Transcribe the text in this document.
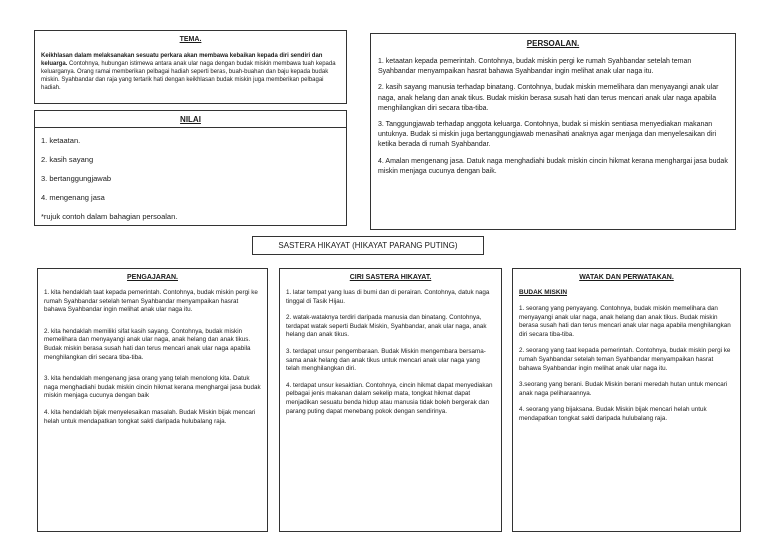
TEMA.

Keikhlasan dalam melaksanakan sesuatu perkara akan membawa kebaikan kepada diri sendiri dan keluarga. Contohnya, hubungan istimewa antara anak ular naga dengan budak miskin membawa tuah kepada keluarganya. Orang ramai memberikan pelbagai hadiah seperti beras, buah-buahan dan baju kepada budak miskin. Syahbandar dan raja yang tertarik hati dengan keikhlasan budak miskin juga memberikan pelbagai hadiah.

NILAI
1. ketaatan.
2. kasih sayang
3. bertanggungjawab
4. mengenang jasa
*rujuk contoh dalam bahagian persoalan.
PERSOALAN.

1. ketaatan kepada pemerintah. Contohnya, budak miskin pergi ke rumah Syahbandar setelah teman Syahbandar menyampaikan hasrat bahawa Syahbandar ingin melihat anak ular naga itu.

2. kasih sayang manusia terhadap binatang. Contohnya, budak miskin memelihara dan menyayangi anak ular naga, anak helang dan anak tikus. Budak miskin berasa susah hati dan terus mencari anak ular naga apabila menghilangkan diri secara tiba-tiba.

3. Tanggungjawab terhadap anggota keluarga. Contohnya, budak si miskin sentiasa menyediakan makanan untuknya. Budak si miskin juga bertanggungjawab menasihati anaknya agar menjaga dan menyelesaikan diri ketika berada di rumah Syahbandar.

4. Amalan mengenang jasa. Datuk naga menghadiahi budak miskin cincin hikmat kerana menghargai jasa budak miskin menjaga cucunya dengan baik.

SASTERA HIKAYAT (HIKAYAT PARANG PUTING)
PENGAJARAN.

1. kita hendaklah taat kepada pemerintah. Contohnya, budak miskin pergi ke rumah Syahbandar setelah teman Syahbandar menyampaikan hasrat bahawa Syahbandar ingin melihat anak ular naga itu.

2. kita hendaklah memiliki sifat kasih sayang. Contohnya, budak miskin memelihara dan menyayangi anak ular naga, anak helang dan anak tikus. Budak miskin berasa susah hati dan terus mencari anak ular naga apabila menghilangkan diri secara tiba-tiba.

3. kita hendaklah mengenang jasa orang yang telah menolong kita. Datuk naga menghadiahi budak miskin cincin hikmat kerana menghargai jasa budak miskin menjaga cucunya dengan baik

4. kita hendaklah bijak menyelesaikan masalah. Budak Miskin bijak mencari helah untuk mendapatkan tongkat sakti daripada hulubalang raja.

CIRI SASTERA HIKAYAT.

1. latar tempat yang luas di bumi dan di perairan. Contohnya, datuk naga tinggal di Tasik Hijau.

2. watak-wataknya terdiri daripada manusia dan binatang. Contohnya, terdapat watak seperti Budak Miskin, Syahbandar, anak ular naga, anak helang dan anak tikus.

3. terdapat unsur pengembaraan. Budak Miskin mengembara bersama-sama anak helang dan anak tikus untuk mencari anak ular naga yang telah menghilangkan diri.

4. terdapat unsur kesaktian. Contohnya, cincin hikmat dapat menyediakan pelbagai jenis makanan dalam sekelip mata, tongkat hikmat dapat menjadikan sesuatu benda hidup atau manusia tidak boleh bergerak dan parang puting dapat menebang pokok dengan sendirinya.

WATAK DAN PERWATAKAN.
BUDAK MISKIN

1. seorang yang penyayang. Contohnya, budak miskin memelihara dan menyayangi anak ular naga, anak helang dan anak tikus. Budak miskin berasa susah hati dan terus mencari anak ular naga apabila menghilangkan diri secara tiba-tiba.

2. seorang yang taat kepada pemerintah. Contohnya, budak miskin pergi ke rumah Syahbandar setelah teman Syahbandar menyampaikan hasrat bahawa Syahbandar ingin melihat anak ular naga itu.

3.seorang yang berani. Budak Miskin berani meredah hutan untuk mencari anak naga peliharaannya.

4. seorang yang bijaksana. Budak Miskin bijak mencari helah untuk mendapatkan tongkat sakti daripada hulubalang raja.
